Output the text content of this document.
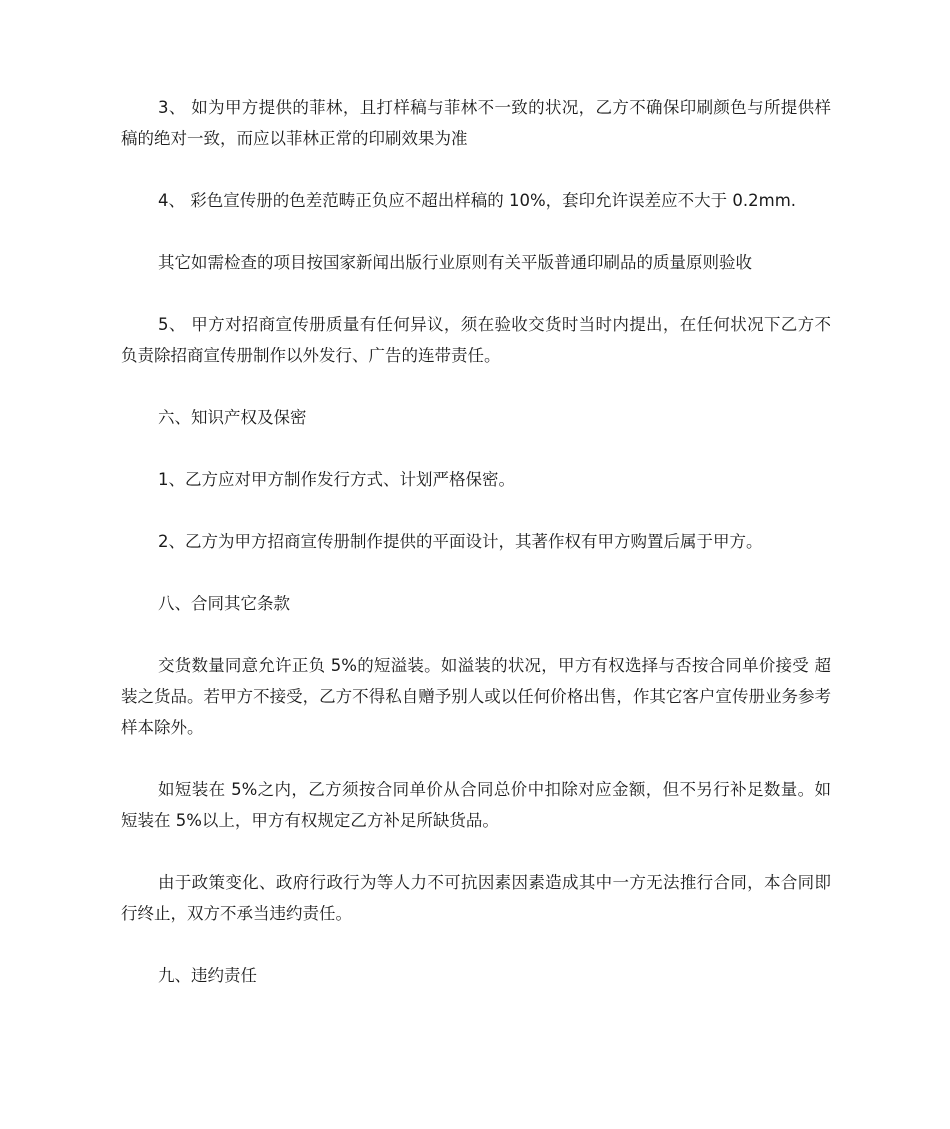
3、 如为甲方提供的菲林，且打样稿与菲林不一致的状况，乙方不确保印刷颜色与所提供样稿的绝对一致，而应以菲林正常的印刷效果为准

4、 彩色宣传册的色差范畴正负应不超出样稿的 10%，套印允许误差应不大于 0.2mm.

其它如需检查的项目按国家新闻出版行业原则有关平版普通印刷品的质量原则验收

5、 甲方对招商宣传册质量有任何异议，须在验收交货时当时内提出，在任何状况下乙方不负责除招商宣传册制作以外发行、广告的连带责任。

六、知识产权及保密

1、乙方应对甲方制作发行方式、计划严格保密。

2、乙方为甲方招商宣传册制作提供的平面设计，其著作权有甲方购置后属于甲方。

八、合同其它条款

交货数量同意允许正负 5%的短溢装。如溢装的状况，甲方有权选择与否按合同单价接受 超装之货品。若甲方不接受，乙方不得私自赠予别人或以任何价格出售，作其它客户宣传册业务参考样本除外。

如短装在 5%之内，乙方须按合同单价从合同总价中扣除对应金额，但不另行补足数量。如短装在 5%以上，甲方有权规定乙方补足所缺货品。

由于政策变化、政府行政行为等人力不可抗因素因素造成其中一方无法推行合同，本合同即行终止，双方不承当违约责任。

九、违约责任
